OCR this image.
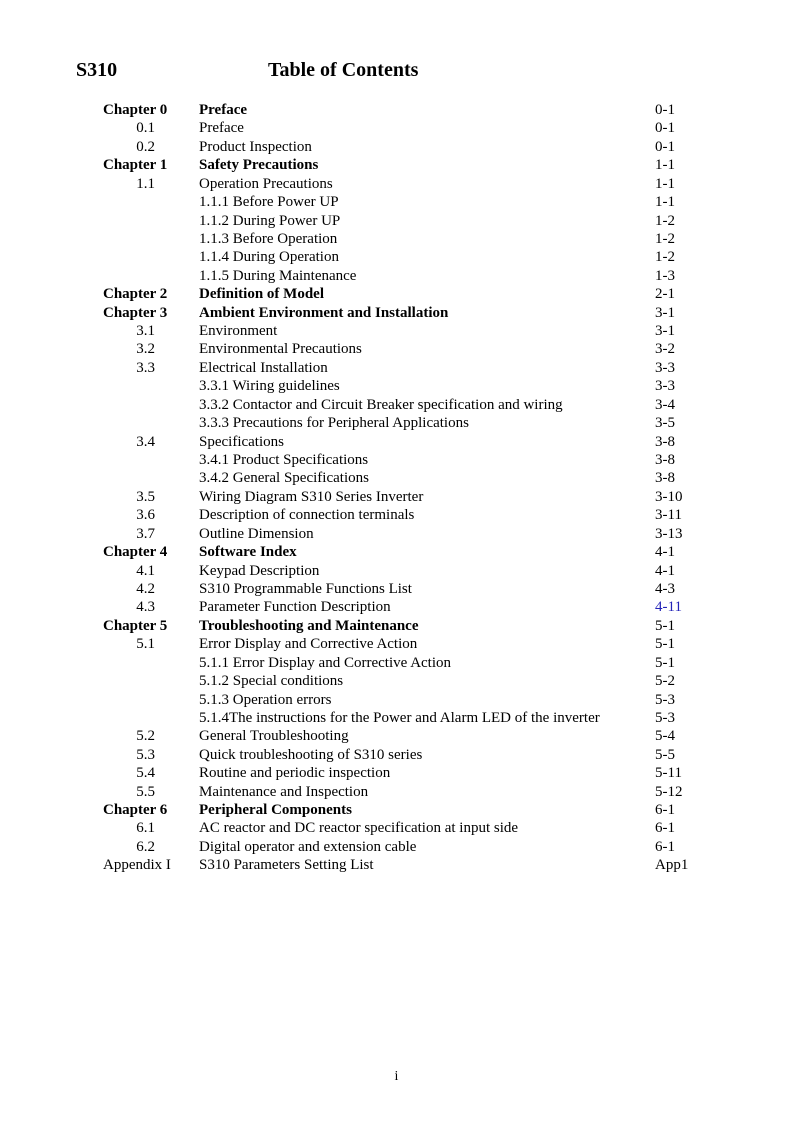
S310	Table of Contents
Chapter 0	Preface	0-1
0.1	Preface	0-1
0.2	Product Inspection	0-1
Chapter 1	Safety Precautions	1-1
1.1	Operation Precautions	1-1
1.1.1 Before Power UP	1-1
1.1.2 During Power UP	1-2
1.1.3 Before Operation	1-2
1.1.4 During Operation	1-2
1.1.5 During Maintenance	1-3
Chapter 2	Definition of Model	2-1
Chapter 3	Ambient Environment and Installation	3-1
3.1	Environment	3-1
3.2	Environmental Precautions	3-2
3.3	Electrical Installation	3-3
3.3.1 Wiring guidelines	3-3
3.3.2 Contactor and Circuit Breaker specification and wiring	3-4
3.3.3 Precautions for Peripheral Applications	3-5
3.4	Specifications	3-8
3.4.1 Product Specifications	3-8
3.4.2 General Specifications	3-8
3.5	Wiring Diagram S310 Series Inverter	3-10
3.6	Description of connection terminals	3-11
3.7	Outline Dimension	3-13
Chapter 4	Software Index	4-1
4.1	Keypad Description	4-1
4.2	S310 Programmable Functions List	4-3
4.3	Parameter Function Description	4-11
Chapter 5	Troubleshooting and Maintenance	5-1
5.1	Error Display and Corrective Action	5-1
5.1.1 Error Display and Corrective Action	5-1
5.1.2 Special conditions	5-2
5.1.3 Operation errors	5-3
5.1.4The instructions for the Power and Alarm LED of the inverter	5-3
5.2	General Troubleshooting	5-4
5.3	Quick troubleshooting of S310 series	5-5
5.4	Routine and periodic inspection	5-11
5.5	Maintenance and Inspection	5-12
Chapter 6	Peripheral Components	6-1
6.1	AC reactor and DC reactor specification at input side	6-1
6.2	Digital operator and extension cable	6-1
Appendix I	S310 Parameters Setting List	App1
i
